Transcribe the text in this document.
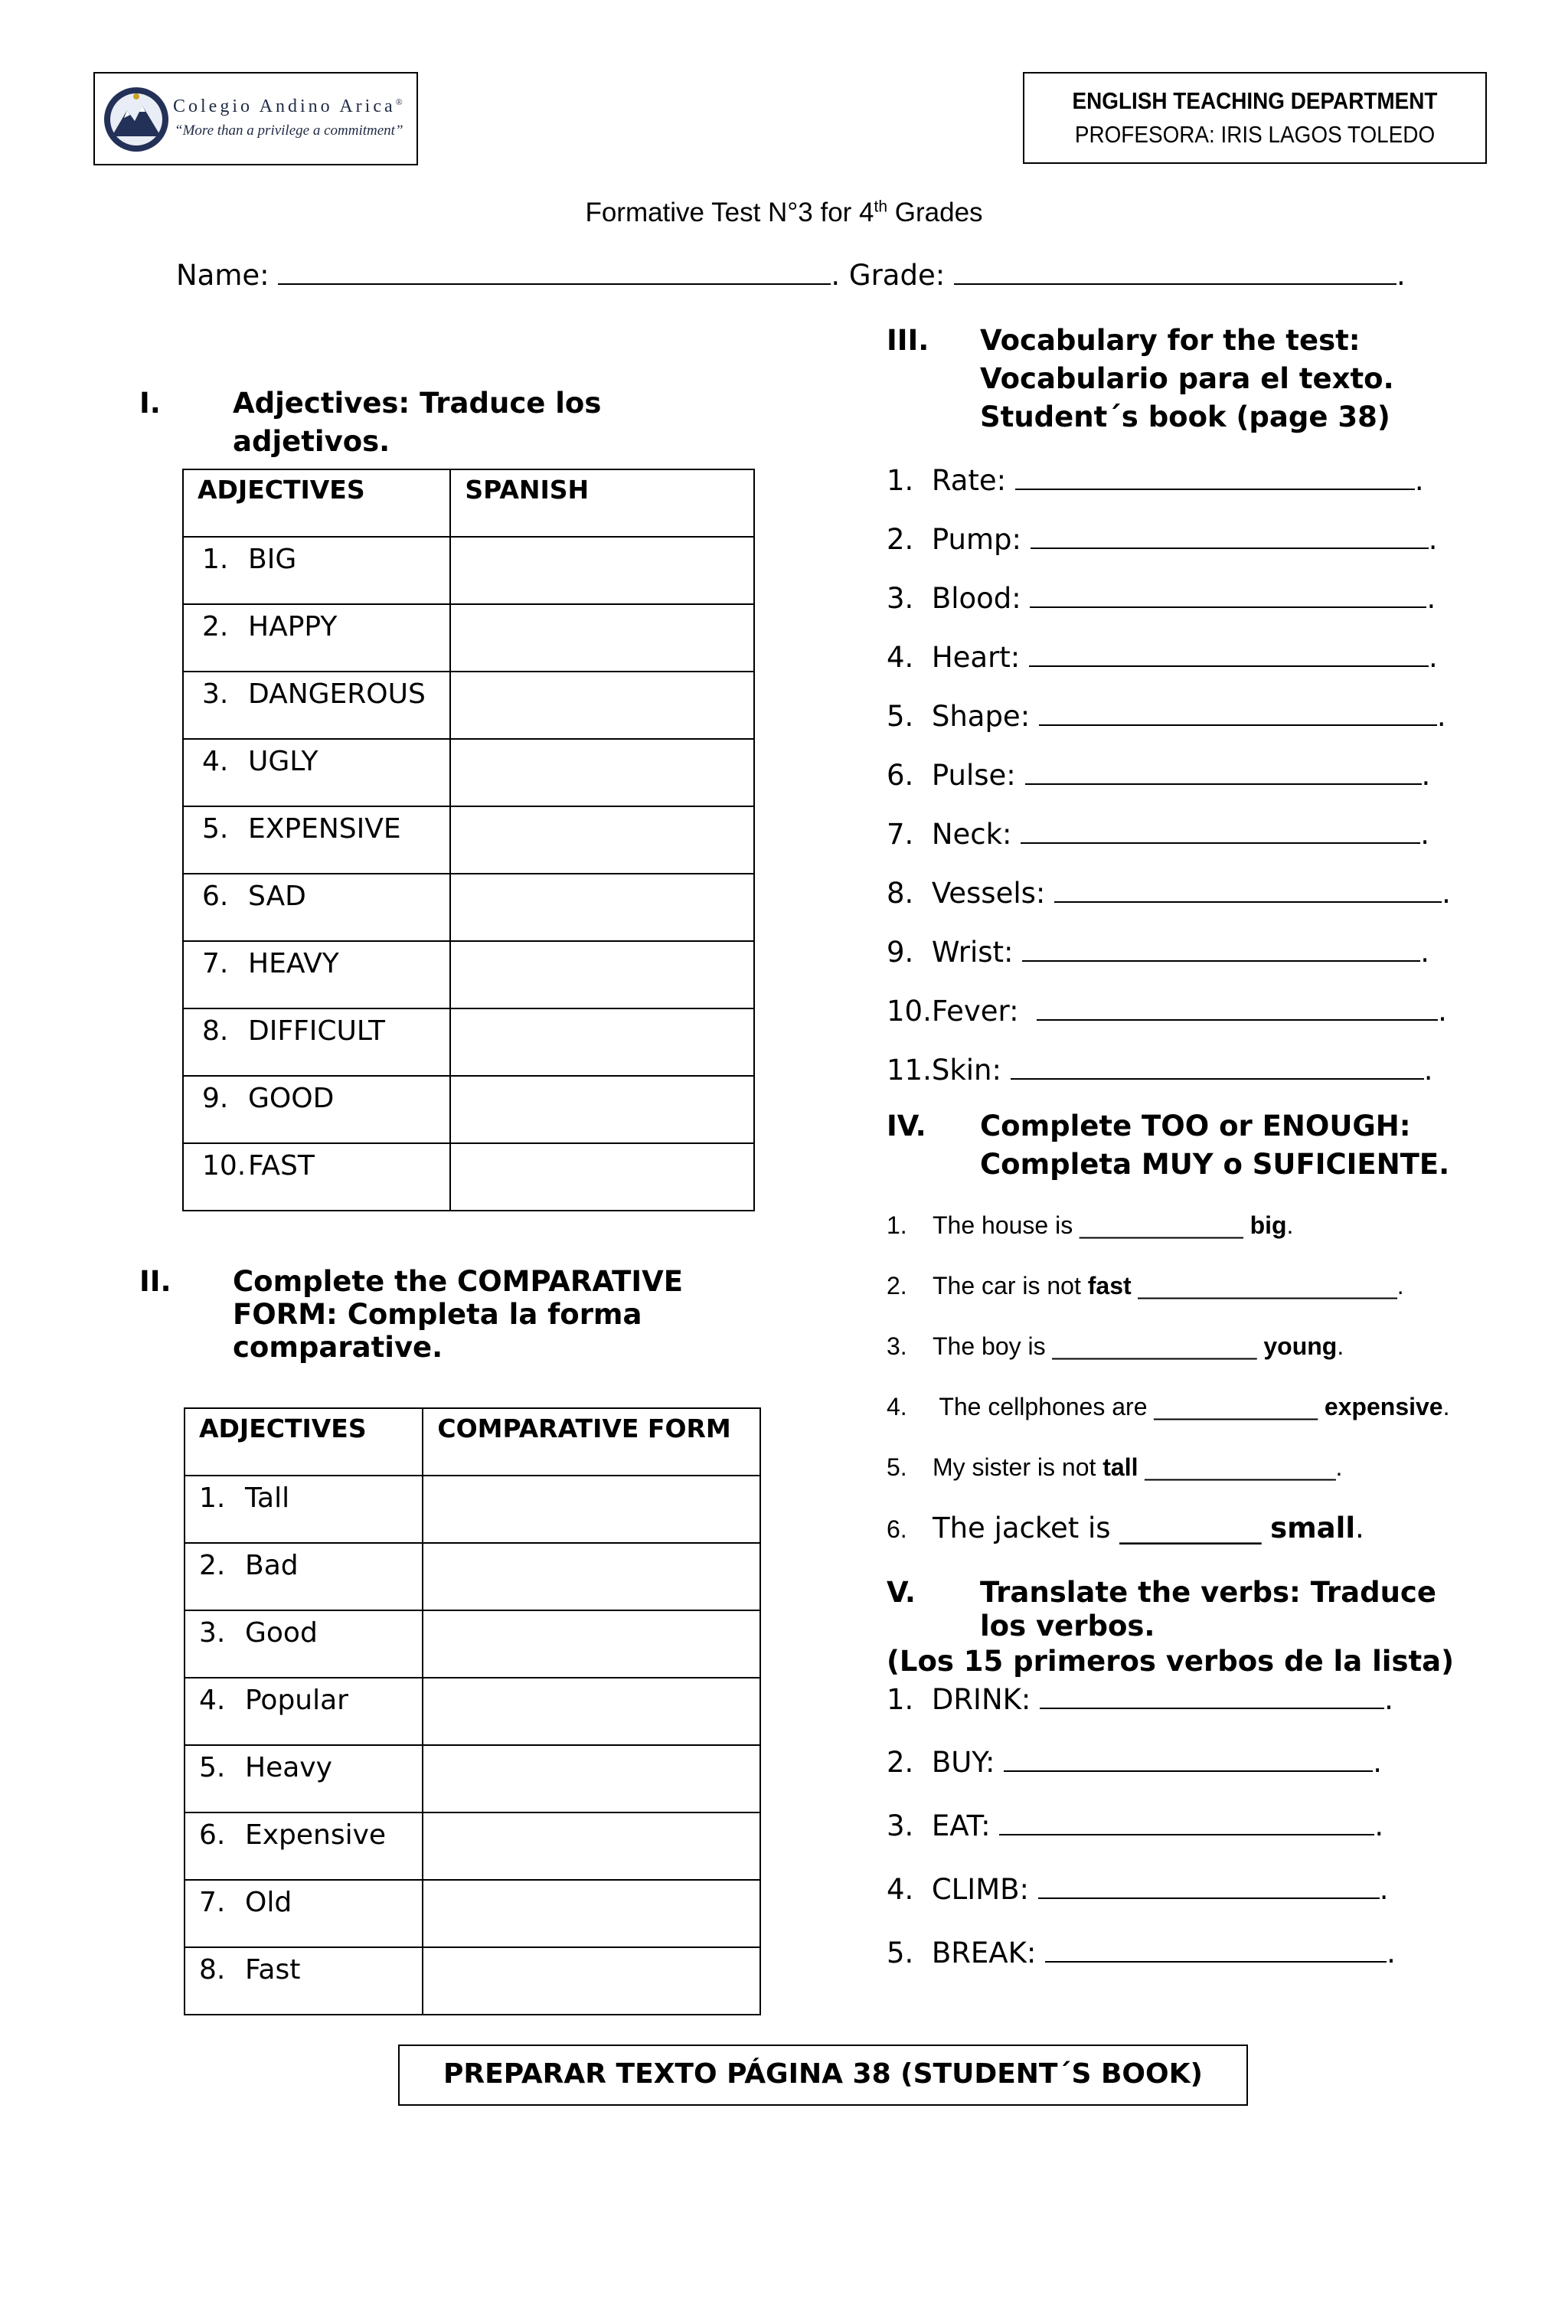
Colegio Andino Arica®
“More than a privilege a commitment”
ENGLISH TEACHING DEPARTMENT
PROFESORA: IRIS LAGOS TOLEDO
Formative Test N°3 for 4th Grades
Name:	. Grade:	.
I.	Adjectives: Traduce los adjetivos.
ADJECTIVES	SPANISH
1. BIG	
2. HAPPY	
3. DANGEROUS	
4. UGLY	
5. EXPENSIVE	
6. SAD	
7. HEAVY	
8. DIFFICULT	
9. GOOD	
10.FAST	
II. Complete the COMPARATIVE FORM: Completa la forma comparative.
ADJECTIVES	COMPARATIVE FORM
1. Tall	
2. Bad	
3. Good	
4. Popular	
5. Heavy	
6. Expensive	
7. Old	
8. Fast	
III. Vocabulary for the test:
Vocabulario para el texto.
Student´s book (page 38)
1.  Rate:	.
2.  Pump:	.
3.  Blood:	.
4.  Heart:	.
5.  Shape:	.
6.  Pulse:	.
7.  Neck:	.
8.  Vessels:	.
9.  Wrist:	.
10.Fever:	.
11.Skin:	.
IV. Complete TOO or ENOUGH:
Completa MUY o SUFICIENTE.
1. The house is ____________ big.
2. The car is not fast ___________________.
3. The boy is _______________ young.
4. The cellphones are ____________ expensive.
5. My sister is not tall ______________.
6. The jacket is __________ small.
V. Translate the verbs: Traduce
los verbos.
(Los 15 primeros verbos de la lista)
1.  DRINK:	.
2.  BUY:	.
3.  EAT:	.
4.  CLIMB:	.
5.  BREAK:	.
PREPARAR TEXTO PÁGINA 38 (STUDENT´S BOOK)
